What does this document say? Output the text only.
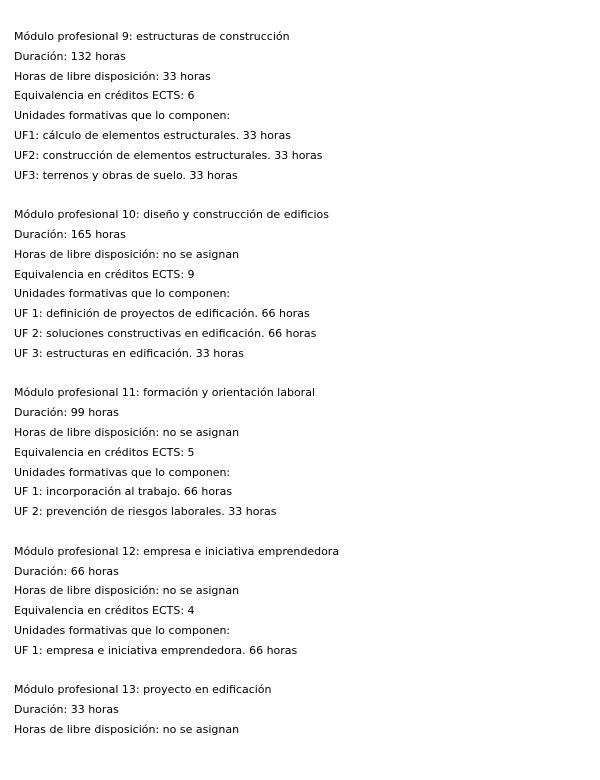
Módulo profesional 9: estructuras de construcción
Duración: 132 horas
Horas de libre disposición: 33 horas
Equivalencia en créditos ECTS: 6
Unidades formativas que lo componen:
UF1: cálculo de elementos estructurales. 33 horas
UF2: construcción de elementos estructurales. 33 horas
UF3: terrenos y obras de suelo. 33 horas
Módulo profesional 10: diseño y construcción de edificios
Duración: 165 horas
Horas de libre disposición: no se asignan
Equivalencia en créditos ECTS: 9
Unidades formativas que lo componen:
UF 1: definición de proyectos de edificación. 66 horas
UF 2: soluciones constructivas en edificación. 66 horas
UF 3: estructuras en edificación. 33 horas
Módulo profesional 11: formación y orientación laboral
Duración: 99 horas
Horas de libre disposición: no se asignan
Equivalencia en créditos ECTS: 5
Unidades formativas que lo componen:
UF 1: incorporación al trabajo. 66 horas
UF 2: prevención de riesgos laborales. 33 horas
Módulo profesional 12: empresa e iniciativa emprendedora
Duración: 66 horas
Horas de libre disposición: no se asignan
Equivalencia en créditos ECTS: 4
Unidades formativas que lo componen:
UF 1: empresa e iniciativa emprendedora. 66 horas
Módulo profesional 13: proyecto en edificación
Duración: 33 horas
Horas de libre disposición: no se asignan
